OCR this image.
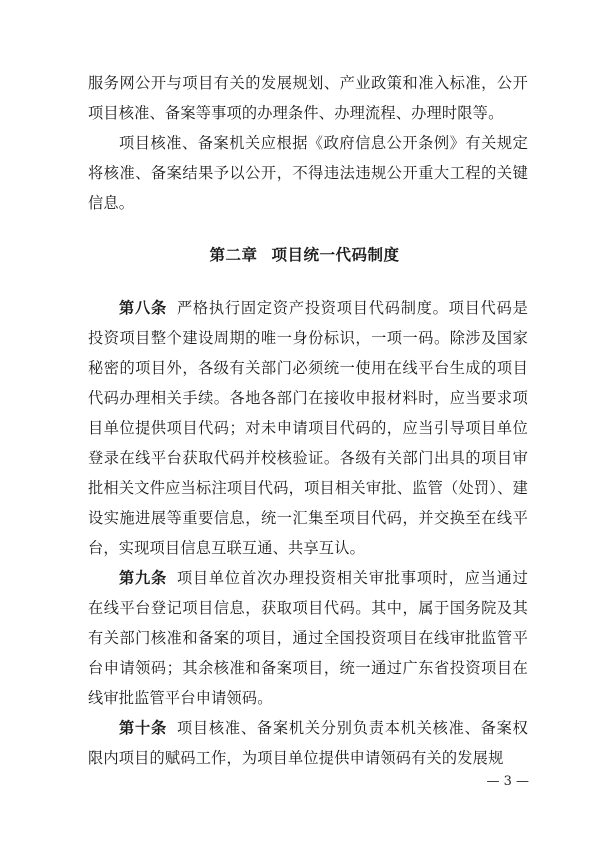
服务网公开与项目有关的发展规划、产业政策和准入标准，公开项目核准、备案等事项的办理条件、办理流程、办理时限等。

项目核准、备案机关应根据《政府信息公开条例》有关规定将核准、备案结果予以公开，不得违法违规公开重大工程的关键信息。

第二章 项目统一代码制度

第八条 严格执行固定资产投资项目代码制度。项目代码是投资项目整个建设周期的唯一身份标识，一项一码。除涉及国家秘密的项目外，各级有关部门必须统一使用在线平台生成的项目代码办理相关手续。各地各部门在接收申报材料时，应当要求项目单位提供项目代码；对未申请项目代码的，应当引导项目单位登录在线平台获取代码并校核验证。各级有关部门出具的项目审批相关文件应当标注项目代码，项目相关审批、监管（处罚）、建设实施进展等重要信息，统一汇集至项目代码，并交换至在线平台，实现项目信息互联互通、共享互认。

第九条 项目单位首次办理投资相关审批事项时，应当通过在线平台登记项目信息，获取项目代码。其中，属于国务院及其有关部门核准和备案的项目，通过全国投资项目在线审批监管平台申请领码；其余核准和备案项目，统一通过广东省投资项目在线审批监管平台申请领码。

第十条 项目核准、备案机关分别负责本机关核准、备案权限内项目的赋码工作，为项目单位提供申请领码有关的发展规

— 3 —
